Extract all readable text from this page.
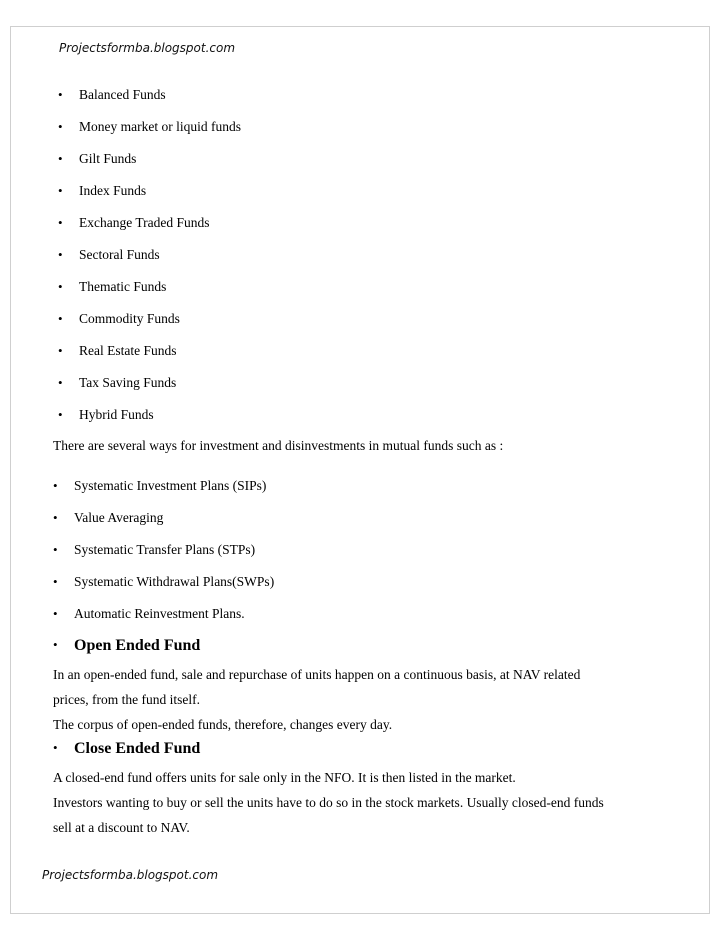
Projectsformba.blogspot.com
• Balanced Funds
• Money market or liquid funds
• Gilt Funds
• Index Funds
• Exchange Traded Funds
• Sectoral Funds
• Thematic Funds
• Commodity Funds
• Real Estate Funds
• Tax Saving Funds
• Hybrid Funds
There are several ways for investment and disinvestments in mutual funds such as :
• Systematic Investment Plans (SIPs)
• Value Averaging
• Systematic Transfer Plans (STPs)
• Systematic Withdrawal Plans(SWPs)
• Automatic Reinvestment Plans.
• Open Ended Fund
In an open-ended fund, sale and repurchase of units happen on a continuous basis, at NAV related
prices, from the fund itself.
The corpus of open-ended funds, therefore, changes every day.
• Close Ended Fund
A closed-end fund offers units for sale only in the NFO. It is then listed in the market.
Investors wanting to buy or sell the units have to do so in the stock markets. Usually closed-end funds
sell at a discount to NAV.
Projectsformba.blogspot.com
